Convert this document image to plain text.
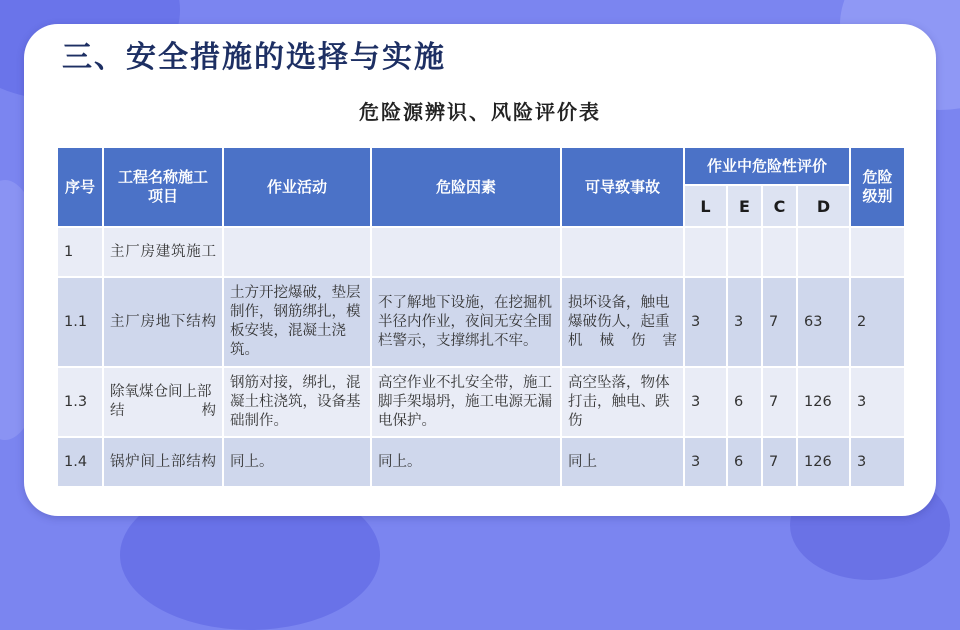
三、安全措施的选择与实施
危险源辨识、风险评价表
序号	工程名称施工项目	作业活动	危险因素	可导致事故	作业中危险性评价				危险级别
					L	E	C	D	
1	主厂房建筑施工								
1.1	主厂房地下结构	土方开挖爆破，垫层制作，钢筋绑扎，模板安装，混凝土浇筑。	不了解地下设施，在挖掘机半径内作业，夜间无安全围栏警示，支撑绑扎不牢。	损坏设备，触电爆破伤人，起重机械伤害	3	3	7	63	2
1.3	除氧煤仓间上部结构	钢筋对接，绑扎，混凝土柱浇筑，设备基础制作。	高空作业不扎安全带，施工脚手架塌坍，施工电源无漏电保护。	高空坠落，物体打击，触电、跌伤	3	6	7	126	3
1.4	锅炉间上部结构	同上。	同上。	同上	3	6	7	126	3
